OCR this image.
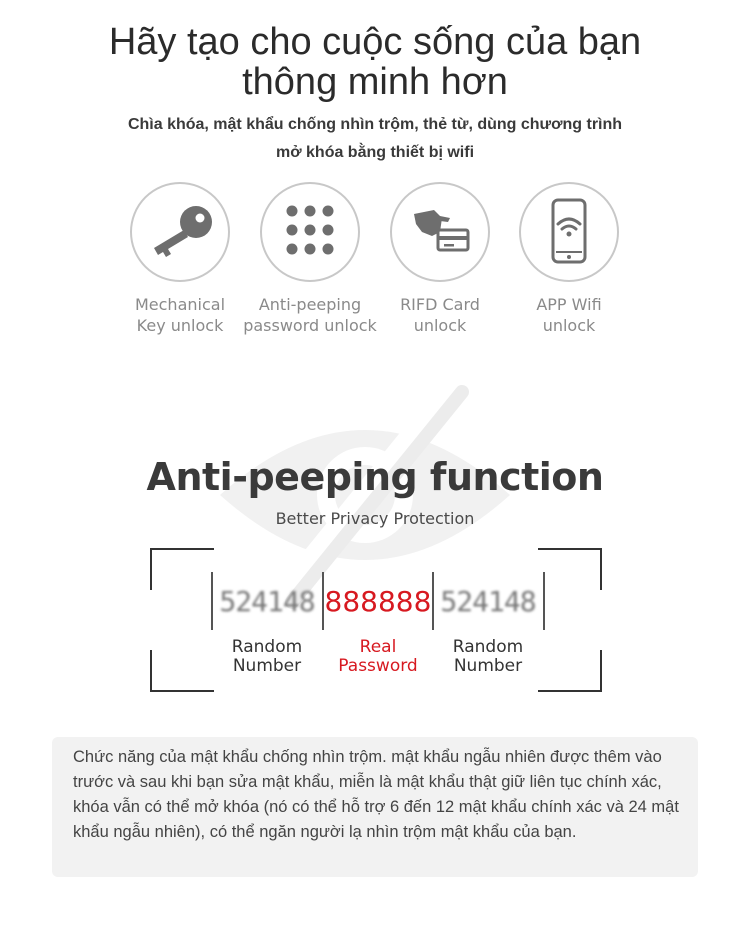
Hãy tạo cho cuộc sống của bạn
thông minh hơn

Chìa khóa, mật khẩu chống nhìn trộm, thẻ từ, dùng chương trình
mở khóa bằng thiết bị wifi

Mechanical
Key unlock
Anti-peeping
password unlock
RIFD Card
unlock
APP Wifi
unlock
Anti-peeping function
Better Privacy Protection
524148 888888 524148
Random
Number
Real
Password
Random
Number

Chức năng của mật khẩu chống nhìn trộm. mật khẩu ngẫu nhiên được thêm vào trước và sau khi bạn sửa mật khẩu, miễn là mật khẩu thật giữ liên tục chính xác, khóa vẫn có thể mở khóa (nó có thể hỗ trợ 6 đến 12 mật khẩu chính xác và 24 mật khẩu ngẫu nhiên), có thể ngăn người lạ nhìn trộm mật khẩu của bạn.
